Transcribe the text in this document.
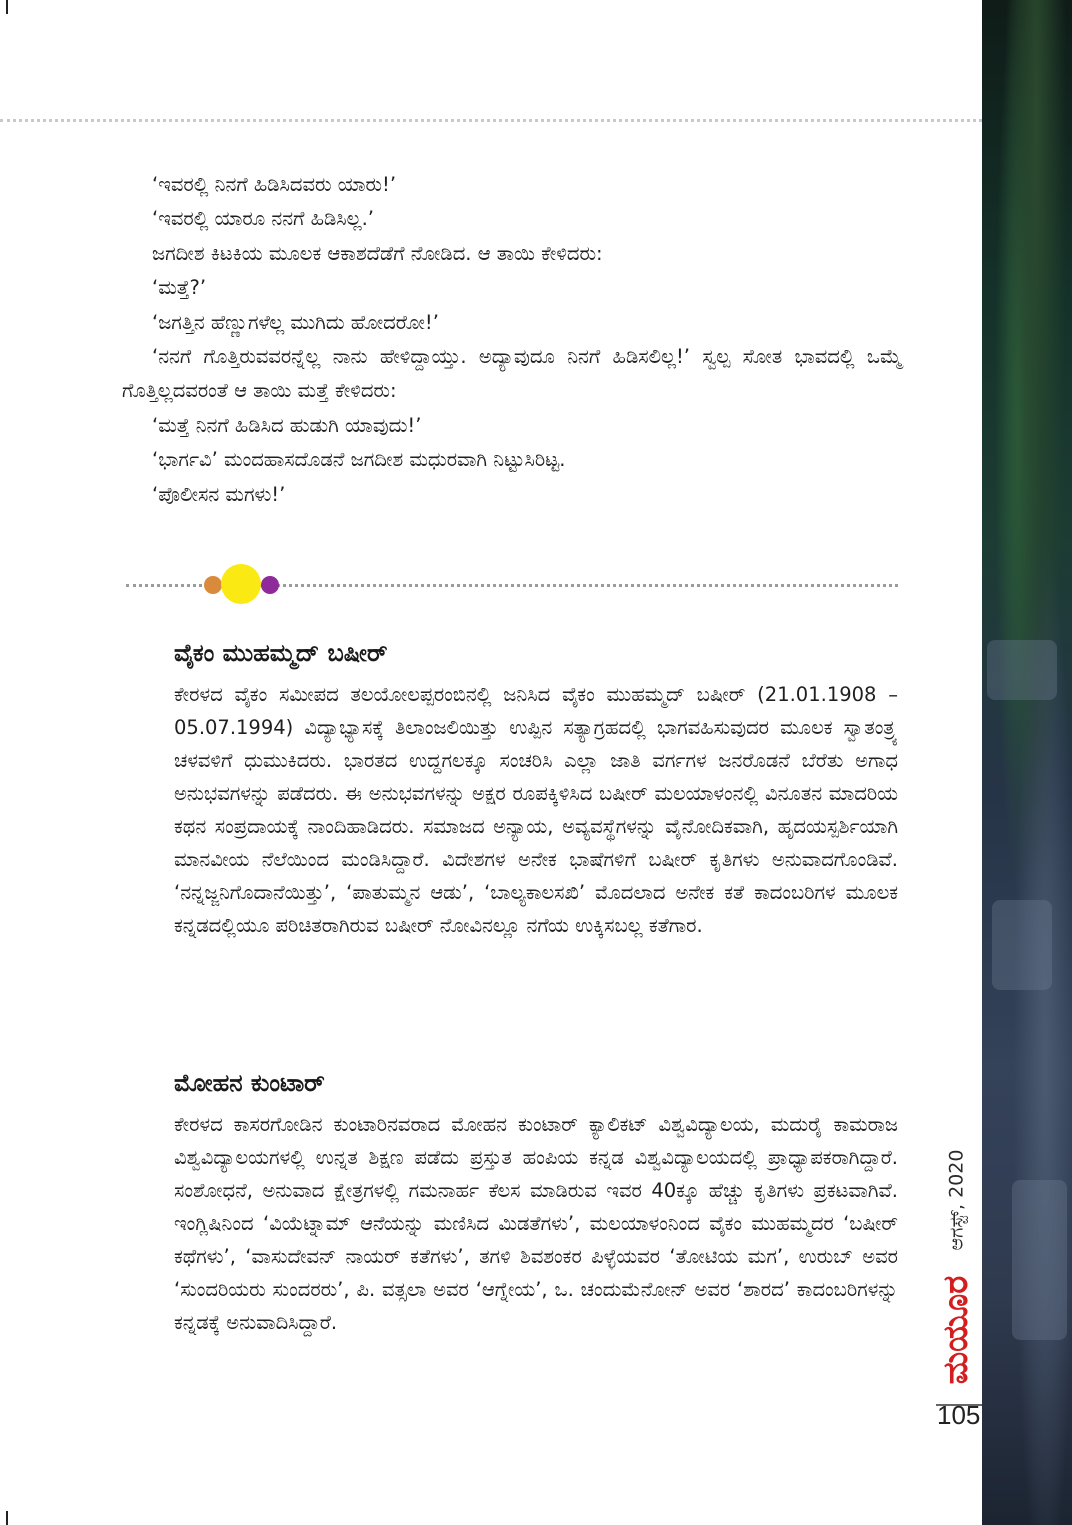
‘ಇವರಲ್ಲಿ ನಿನಗೆ ಹಿಡಿಸಿದವರು ಯಾರು!’

‘ಇವರಲ್ಲಿ ಯಾರೂ ನನಗೆ ಹಿಡಿಸಿಲ್ಲ.’

ಜಗದೀಶ ಕಿಟಕಿಯ ಮೂಲಕ ಆಕಾಶದೆಡೆಗೆ ನೋಡಿದ. ಆ ತಾಯಿ ಕೇಳಿದರು:

‘ಮತ್ತೆ?’

‘ಜಗತ್ತಿನ ಹೆಣ್ಣುಗಳೆಲ್ಲ ಮುಗಿದು ಹೋದರೋ!’

‘ನನಗೆ ಗೊತ್ತಿರುವವರನ್ನೆಲ್ಲ ನಾನು ಹೇಳಿದ್ದಾಯ್ತು. ಅದ್ಯಾವುದೂ ನಿನಗೆ ಹಿಡಿಸಲಿಲ್ಲ!’ ಸ್ವಲ್ಪ ಸೋತ ಭಾವದಲ್ಲಿ ಒಮ್ಮೆ ಗೊತ್ತಿಲ್ಲದವರಂತೆ ಆ ತಾಯಿ ಮತ್ತೆ ಕೇಳಿದರು:

‘ಮತ್ತೆ ನಿನಗೆ ಹಿಡಿಸಿದ ಹುಡುಗಿ ಯಾವುದು!’

‘ಭಾರ್ಗವಿ’ ಮಂದಹಾಸದೊಡನೆ ಜಗದೀಶ ಮಧುರವಾಗಿ ನಿಟ್ಟುಸಿರಿಟ್ಟ.

‘ಪೊಲೀಸನ ಮಗಳು!’

ವೈಕಂ ಮುಹಮ್ಮದ್ ಬಷೀರ್

ಕೇರಳದ ವೈಕಂ ಸಮೀಪದ ತಲಯೋಲಪ್ಪರಂಬಿನಲ್ಲಿ ಜನಿಸಿದ ವೈಕಂ ಮುಹಮ್ಮದ್ ಬಷೀರ್ (21.01.1908 – 05.07.1994) ವಿದ್ಯಾಭ್ಯಾಸಕ್ಕೆ ತಿಲಾಂಜಲಿಯಿತ್ತು ಉಪ್ಪಿನ ಸತ್ಯಾಗ್ರಹದಲ್ಲಿ ಭಾಗವಹಿಸುವುದರ ಮೂಲಕ ಸ್ವಾತಂತ್ರ್ಯ ಚಳವಳಿಗೆ ಧುಮುಕಿದರು. ಭಾರತದ ಉದ್ದಗಲಕ್ಕೂ ಸಂಚರಿಸಿ ಎಲ್ಲಾ ಜಾತಿ ವರ್ಗಗಳ ಜನರೊಡನೆ ಬೆರೆತು ಅಗಾಧ ಅನುಭವಗಳನ್ನು ಪಡೆದರು. ಈ ಅನುಭವಗಳನ್ನು ಅಕ್ಷರ ರೂಪಕ್ಕಿಳಿಸಿದ ಬಷೀರ್ ಮಲಯಾಳಂನಲ್ಲಿ ವಿನೂತನ ಮಾದರಿಯ ಕಥನ ಸಂಪ್ರದಾಯಕ್ಕೆ ನಾಂದಿಹಾಡಿದರು. ಸಮಾಜದ ಅನ್ಯಾಯ, ಅವ್ಯವಸ್ಥೆಗಳನ್ನು ವೈನೋದಿಕವಾಗಿ, ಹೃದಯಸ್ಪರ್ಶಿಯಾಗಿ ಮಾನವೀಯ ನೆಲೆಯಿಂದ ಮಂಡಿಸಿದ್ದಾರೆ. ವಿದೇಶಗಳ ಅನೇಕ ಭಾಷೆಗಳಿಗೆ ಬಷೀರ್ ಕೃತಿಗಳು ಅನುವಾದಗೊಂಡಿವೆ. ‘ನನ್ನಜ್ಜನಿಗೊದಾನೆಯಿತ್ತು’, ‘ಪಾತುಮ್ಮನ ಆಡು’, ‘ಬಾಲ್ಯಕಾಲಸಖಿ’ ಮೊದಲಾದ ಅನೇಕ ಕತೆ ಕಾದಂಬರಿಗಳ ಮೂಲಕ ಕನ್ನಡದಲ್ಲಿಯೂ ಪರಿಚಿತರಾಗಿರುವ ಬಷೀರ್ ನೋವಿನಲ್ಲೂ ನಗೆಯ ಉಕ್ಕಿಸಬಲ್ಲ ಕತೆಗಾರ.

ಮೋಹನ ಕುಂಟಾರ್

ಕೇರಳದ ಕಾಸರಗೋಡಿನ ಕುಂಟಾರಿನವರಾದ ಮೋಹನ ಕುಂಟಾರ್ ಕ್ಯಾಲಿಕಟ್ ವಿಶ್ವವಿದ್ಯಾಲಯ, ಮದುರೈ ಕಾಮರಾಜ ವಿಶ್ವವಿದ್ಯಾಲಯಗಳಲ್ಲಿ ಉನ್ನತ ಶಿಕ್ಷಣ ಪಡೆದು ಪ್ರಸ್ತುತ ಹಂಪಿಯ ಕನ್ನಡ ವಿಶ್ವವಿದ್ಯಾಲಯದಲ್ಲಿ ಪ್ರಾಧ್ಯಾಪಕರಾಗಿದ್ದಾರೆ. ಸಂಶೋಧನೆ, ಅನುವಾದ ಕ್ಷೇತ್ರಗಳಲ್ಲಿ ಗಮನಾರ್ಹ ಕೆಲಸ ಮಾಡಿರುವ ಇವರ 40ಕ್ಕೂ ಹೆಚ್ಚು ಕೃತಿಗಳು ಪ್ರಕಟವಾಗಿವೆ. ಇಂಗ್ಲಿಷಿನಿಂದ ‘ವಿಯೆಟ್ನಾಮ್ ಆನೆಯನ್ನು ಮಣಿಸಿದ ಮಿಡತೆಗಳು’, ಮಲಯಾಳಂನಿಂದ ವೈಕಂ ಮುಹಮ್ಮದರ ‘ಬಷೀರ್ ಕಥೆಗಳು’, ‘ವಾಸುದೇವನ್ ನಾಯರ್ ಕತೆಗಳು’, ತಗಳಿ ಶಿವಶಂಕರ ಪಿಳ್ಳೆಯವರ ‘ತೋಟಿಯ ಮಗ’, ಉರುಬ್ ಅವರ ‘ಸುಂದರಿಯರು ಸುಂದರರು’, ಪಿ. ವತ್ಸಲಾ ಅವರ ‘ಆಗ್ನೇಯ’, ಒ. ಚಂದುಮೆನೋನ್ ಅವರ ‘ಶಾರದ’ ಕಾದಂಬರಿಗಳನ್ನು ಕನ್ನಡಕ್ಕೆ ಅನುವಾದಿಸಿದ್ದಾರೆ.

ಆಗಸ್ಟ್, 2020
ಮಯೂರ
105
